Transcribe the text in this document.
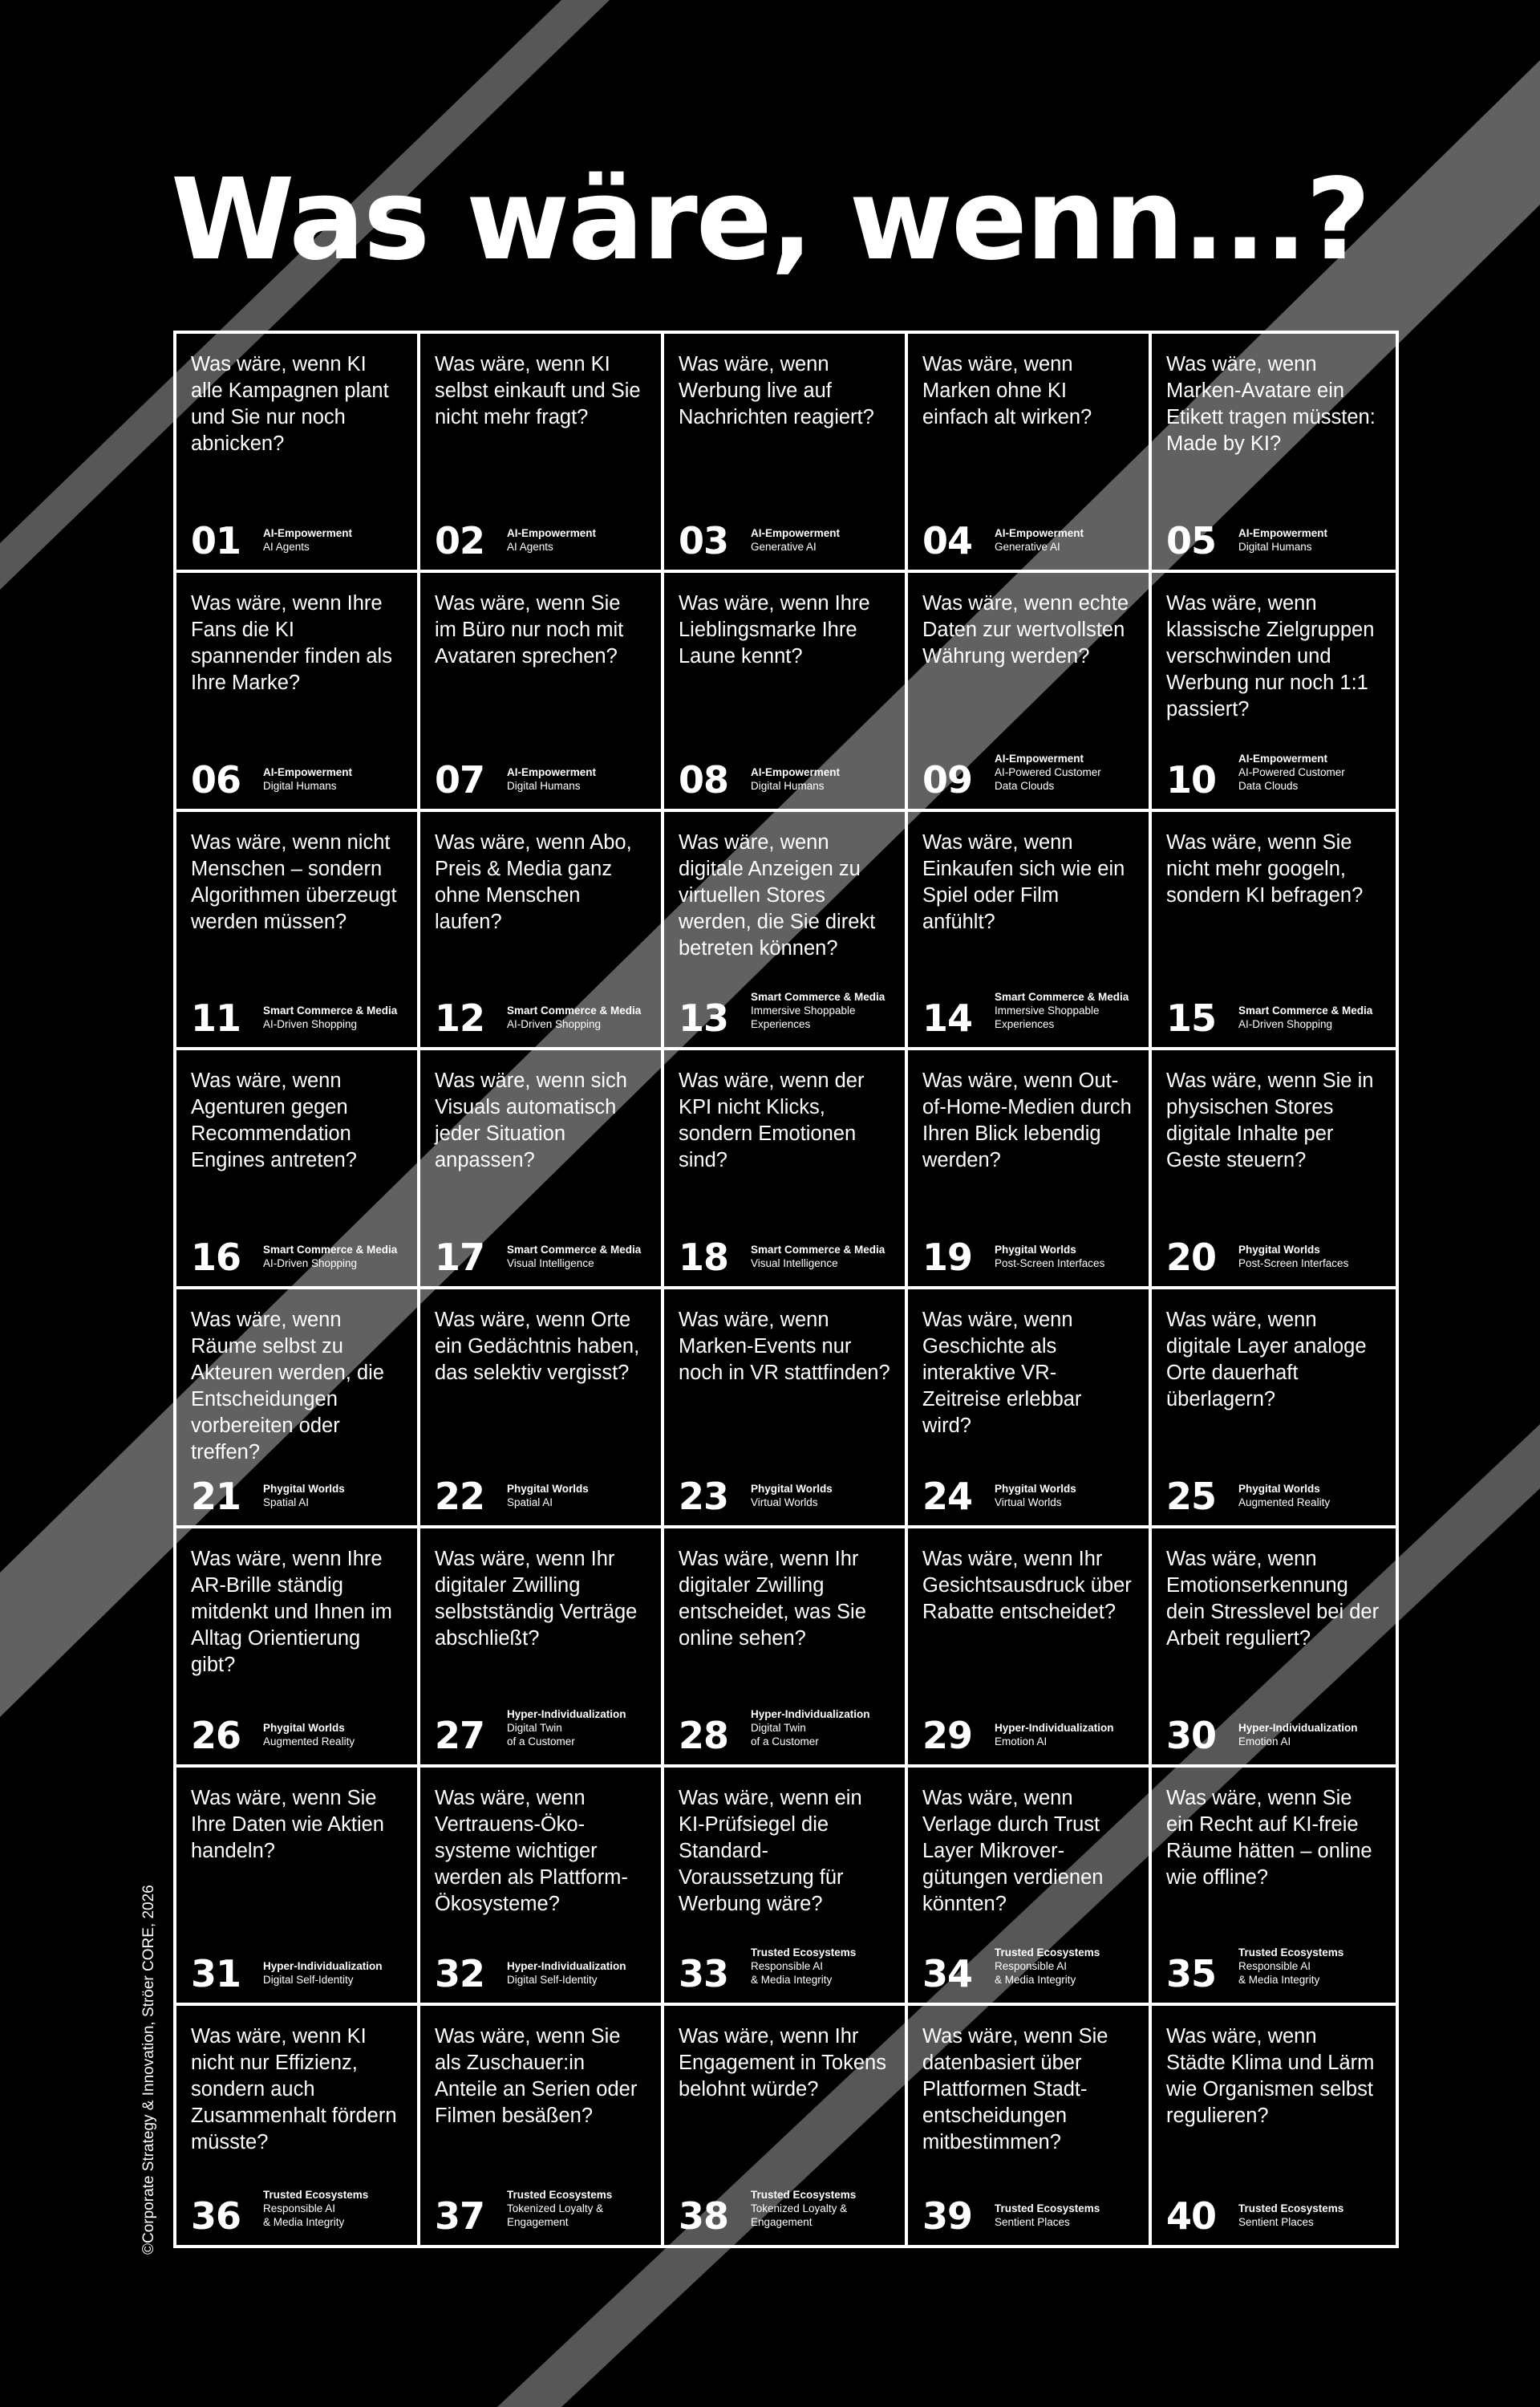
Was wäre, wenn...?

Was wäre, wenn KI alle Kampagnen plant und Sie nur noch abnicken?

01	AI-Empowerment
AI Agents

Was wäre, wenn KI selbst einkauft und Sie nicht mehr fragt?

02	AI-Empowerment
AI Agents

Was wäre, wenn Werbung live auf Nachrichten reagiert?

03	AI-Empowerment
Generative AI

Was wäre, wenn Marken ohne KI einfach alt wirken?

04	AI-Empowerment
Generative AI

Was wäre, wenn Marken-Avatare ein Etikett tragen müssten: Made by KI?

05	AI-Empowerment
Digital Humans

Was wäre, wenn Ihre Fans die KI spannender finden als Ihre Marke?

06	AI-Empowerment
Digital Humans

Was wäre, wenn Sie im Büro nur noch mit Avataren sprechen?

07	AI-Empowerment
Digital Humans

Was wäre, wenn Ihre Lieblingsmarke Ihre Laune kennt?

08	AI-Empowerment
Digital Humans

Was wäre, wenn echte Daten zur wertvollsten Währung werden?

09	AI-Empowerment
AI-Powered Customer
Data Clouds

Was wäre, wenn klassische Zielgruppen verschwinden und Werbung nur noch 1:1 passiert?

10	AI-Empowerment
AI-Powered Customer
Data Clouds

Was wäre, wenn nicht Menschen – sondern Algorithmen überzeugt werden müssen?

11	Smart Commerce & Media
AI-Driven Shopping

Was wäre, wenn Abo, Preis & Media ganz ohne Menschen laufen?

12	Smart Commerce & Media
AI-Driven Shopping

Was wäre, wenn digitale Anzeigen zu virtuellen Stores werden, die Sie direkt betreten können?

13	Smart Commerce & Media
Immersive Shoppable
Experiences

Was wäre, wenn Einkaufen sich wie ein Spiel oder Film anfühlt?

14	Smart Commerce & Media
Immersive Shoppable
Experiences

Was wäre, wenn Sie nicht mehr googeln, sondern KI befragen?

15	Smart Commerce & Media
AI-Driven Shopping

Was wäre, wenn Agenturen gegen Recommendation Engines antreten?

16	Smart Commerce & Media
AI-Driven Shopping

Was wäre, wenn sich Visuals automatisch jeder Situation anpassen?

17	Smart Commerce & Media
Visual Intelligence

Was wäre, wenn der KPI nicht Klicks, sondern Emotionen sind?

18	Smart Commerce & Media
Visual Intelligence

Was wäre, wenn Out-of-Home-Medien durch Ihren Blick lebendig werden?

19	Phygital Worlds
Post-Screen Interfaces

Was wäre, wenn Sie in physischen Stores digitale Inhalte per Geste steuern?

20	Phygital Worlds
Post-Screen Interfaces

Was wäre, wenn Räume selbst zu Akteuren werden, die Entscheidungen vorbereiten oder treffen?

21	Phygital Worlds
Spatial AI

Was wäre, wenn Orte ein Gedächtnis haben, das selektiv vergisst?

22	Phygital Worlds
Spatial AI

Was wäre, wenn Marken-Events nur noch in VR stattfinden?

23	Phygital Worlds
Virtual Worlds

Was wäre, wenn Geschichte als interaktive VR-Zeitreise erlebbar wird?

24	Phygital Worlds
Virtual Worlds

Was wäre, wenn digitale Layer analoge Orte dauerhaft überlagern?

25	Phygital Worlds
Augmented Reality

Was wäre, wenn Ihre AR-Brille ständig mitdenkt und Ihnen im Alltag Orientierung gibt?

26	Phygital Worlds
Augmented Reality

Was wäre, wenn Ihr digitaler Zwilling selbstständig Verträge abschließt?

27	Hyper-Individualization
Digital Twin
of a Customer

Was wäre, wenn Ihr digitaler Zwilling entscheidet, was Sie online sehen?

28	Hyper-Individualization
Digital Twin
of a Customer

Was wäre, wenn Ihr Gesichtsausdruck über Rabatte entscheidet?

29	Hyper-Individualization
Emotion AI

Was wäre, wenn Emotionserkennung dein Stresslevel bei der Arbeit reguliert?

30	Hyper-Individualization
Emotion AI

Was wäre, wenn Sie Ihre Daten wie Aktien handeln?

31	Hyper-Individualization
Digital Self-Identity

Was wäre, wenn Vertrauens-Öko-systeme wichtiger werden als Plattform-Ökosysteme?

32	Hyper-Individualization
Digital Self-Identity

Was wäre, wenn ein KI-Prüfsiegel die Standard-Voraussetzung für Werbung wäre?

33	Trusted Ecosystems
Responsible AI
& Media Integrity

Was wäre, wenn Verlage durch Trust Layer Mikrover-gütungen verdienen könnten?

34	Trusted Ecosystems
Responsible AI
& Media Integrity

Was wäre, wenn Sie ein Recht auf KI-freie Räume hätten – online wie offline?

35	Trusted Ecosystems
Responsible AI
& Media Integrity

Was wäre, wenn KI nicht nur Effizienz, sondern auch Zusammenhalt fördern müsste?

36	Trusted Ecosystems
Responsible AI
& Media Integrity

Was wäre, wenn Sie als Zuschauer:in Anteile an Serien oder Filmen besäßen?

37	Trusted Ecosystems
Tokenized Loyalty &
Engagement

Was wäre, wenn Ihr Engagement in Tokens belohnt würde?

38	Trusted Ecosystems
Tokenized Loyalty &
Engagement

Was wäre, wenn Sie datenbasiert über Plattformen Stadt-entscheidungen mitbestimmen?

39	Trusted Ecosystems
Sentient Places

Was wäre, wenn Städte Klima und Lärm wie Organismen selbst regulieren?

40	Trusted Ecosystems
Sentient Places
©Corporate Strategy & Innovation, Ströer CORE, 2026
